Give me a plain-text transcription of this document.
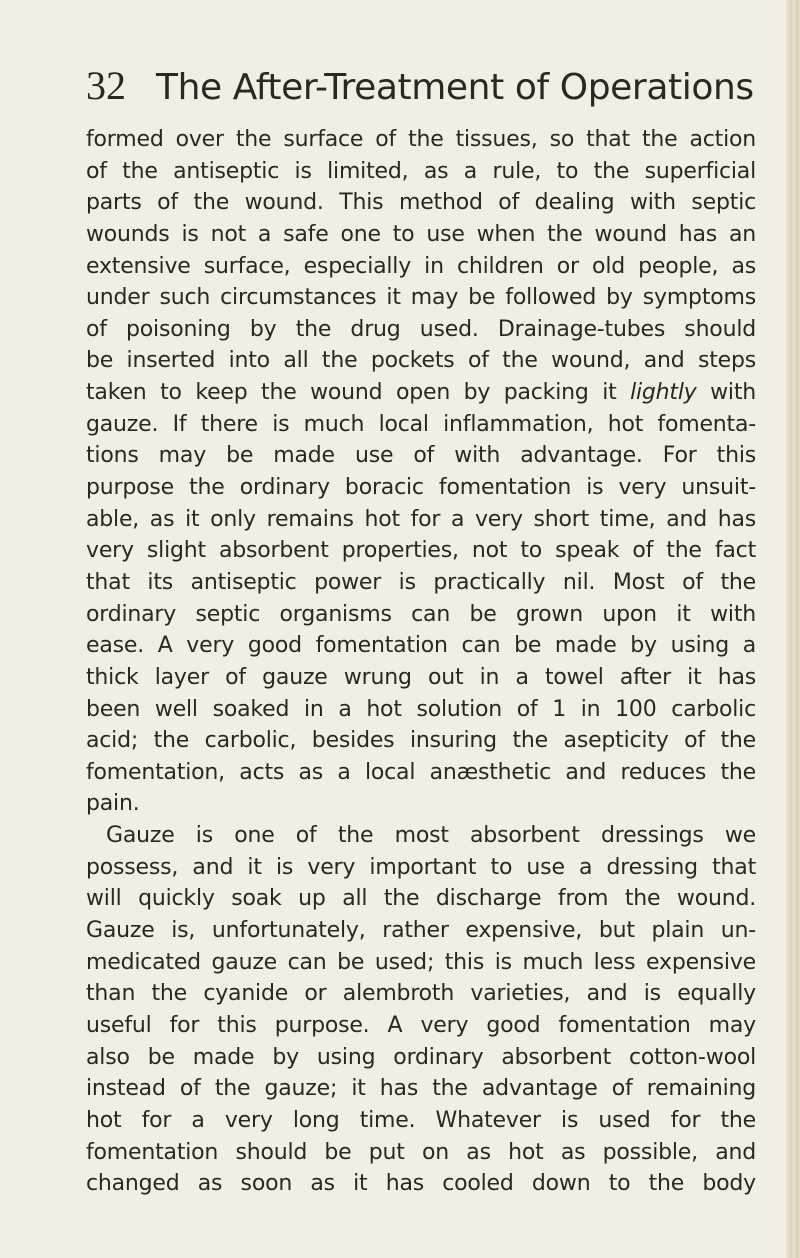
32 The After-Treatment of Operations
formed over the surface of the tissues, so that the action
of the antiseptic is limited, as a rule, to the superficial
parts of the wound. This method of dealing with septic
wounds is not a safe one to use when the wound has an
extensive surface, especially in children or old people, as
under such circumstances it may be followed by symptoms
of poisoning by the drug used. Drainage-tubes should
be inserted into all the pockets of the wound, and steps
taken to keep the wound open by packing it lightly with
gauze. If there is much local inflammation, hot fomenta-
tions may be made use of with advantage. For this
purpose the ordinary boracic fomentation is very unsuit-
able, as it only remains hot for a very short time, and has
very slight absorbent properties, not to speak of the fact
that its antiseptic power is practically nil. Most of the
ordinary septic organisms can be grown upon it with
ease. A very good fomentation can be made by using a
thick layer of gauze wrung out in a towel after it has
been well soaked in a hot solution of 1 in 100 carbolic
acid; the carbolic, besides insuring the asepticity of the
fomentation, acts as a local anæsthetic and reduces the
pain.
Gauze is one of the most absorbent dressings we
possess, and it is very important to use a dressing that
will quickly soak up all the discharge from the wound.
Gauze is, unfortunately, rather expensive, but plain un-
medicated gauze can be used; this is much less expensive
than the cyanide or alembroth varieties, and is equally
useful for this purpose. A very good fomentation may
also be made by using ordinary absorbent cotton-wool
instead of the gauze; it has the advantage of remaining
hot for a very long time. Whatever is used for the
fomentation should be put on as hot as possible, and
changed as soon as it has cooled down to the body
